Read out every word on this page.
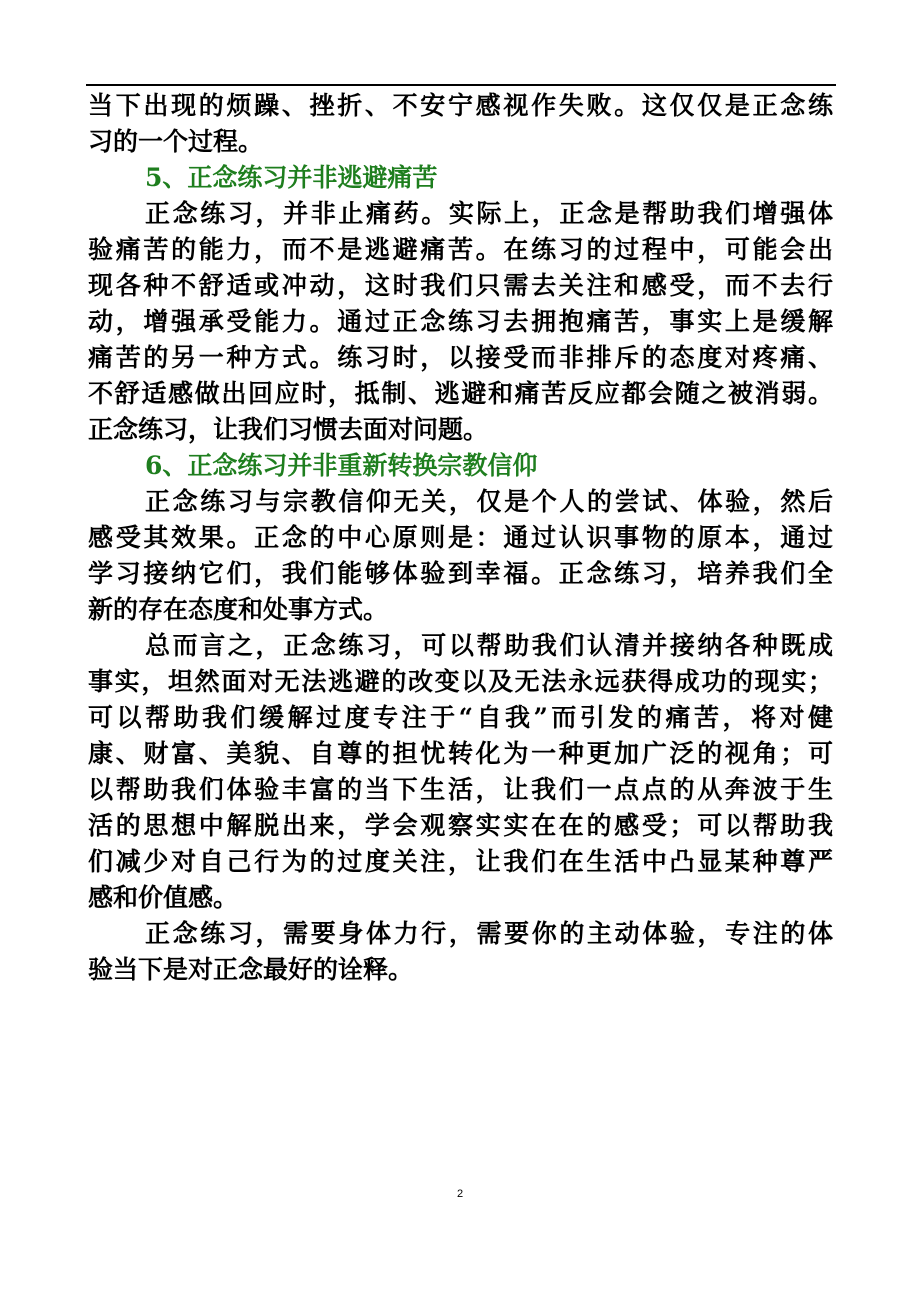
当下出现的烦躁、挫折、不安宁感视作失败。这仅仅是正念练
习的一个过程。
5、正念练习并非逃避痛苦
正念练习，并非止痛药。实际上，正念是帮助我们增强体
验痛苦的能力，而不是逃避痛苦。在练习的过程中，可能会出
现各种不舒适或冲动，这时我们只需去关注和感受，而不去行
动，增强承受能力。通过正念练习去拥抱痛苦，事实上是缓解
痛苦的另一种方式。练习时，以接受而非排斥的态度对疼痛、
不舒适感做出回应时，抵制、逃避和痛苦反应都会随之被消弱。
正念练习，让我们习惯去面对问题。
6、正念练习并非重新转换宗教信仰
正念练习与宗教信仰无关，仅是个人的尝试、体验，然后
感受其效果。正念的中心原则是：通过认识事物的原本，通过
学习接纳它们，我们能够体验到幸福。正念练习，培养我们全
新的存在态度和处事方式。
总而言之，正念练习，可以帮助我们认清并接纳各种既成
事实，坦然面对无法逃避的改变以及无法永远获得成功的现实；
可以帮助我们缓解过度专注于“自我”而引发的痛苦，将对健
康、财富、美貌、自尊的担忧转化为一种更加广泛的视角；可
以帮助我们体验丰富的当下生活，让我们一点点的从奔波于生
活的思想中解脱出来，学会观察实实在在的感受；可以帮助我
们减少对自己行为的过度关注，让我们在生活中凸显某种尊严
感和价值感。
正念练习，需要身体力行，需要你的主动体验，专注的体
验当下是对正念最好的诠释。
2
